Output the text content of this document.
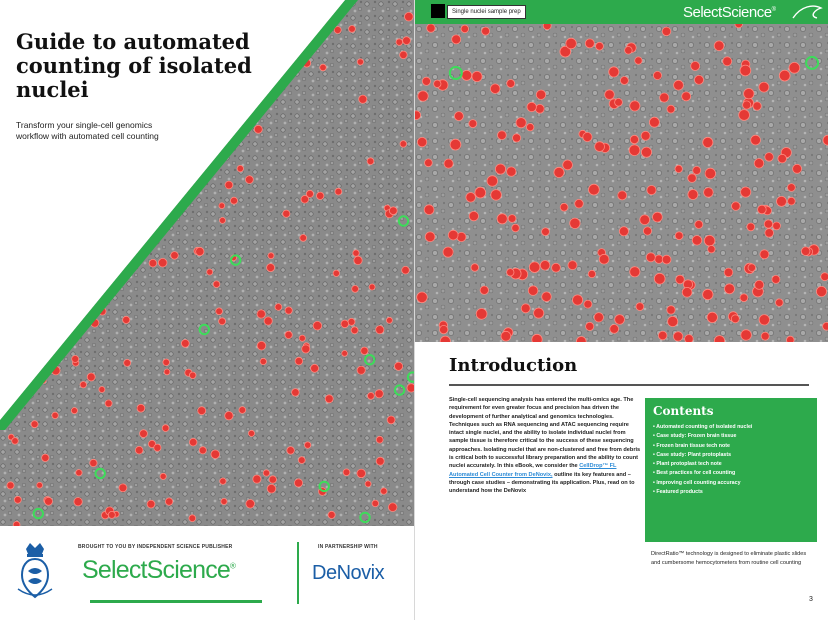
Guide to automated counting of isolated nuclei

Transform your single-cell genomics workflow with automated cell counting

BROUGHT TO YOU BY INDEPENDENT SCIENCE PUBLISHER
SelectScience®
IN PARTNERSHIP WITH
DeNovix
Single nuclei sample prep	SelectScience®
Introduction

Single-cell sequencing analysis has entered the multi-omics age. The requirement for even greater focus and precision has driven the development of further analytical and genomics technologies. Techniques such as RNA sequencing and ATAC sequencing require intact single nuclei, and the ability to isolate individual nuclei from sample tissue is therefore critical to the success of these sequencing approaches. Isolating nuclei that are non-clustered and free from debris is critical both to successful library preparation and the ability to count nuclei accurately. In this eBook, we consider the CellDrop™ FL Automated Cell Counter from DeNovix, outline its key features and – through case studies – demonstrating its application. Plus, read on to understand how the DeNovix

Contents
• Automated counting of isolated nuclei
• Case study: Frozen brain tissue
• Frozen brain tissue tech note
• Case study: Plant protoplasts
• Plant protoplast tech note
• Best practices for cell counting
• Improving cell counting accuracy
• Featured products

DirectRatio™ technology is designed to eliminate plastic slides and cumbersome hemocytometers from routine cell counting

3
